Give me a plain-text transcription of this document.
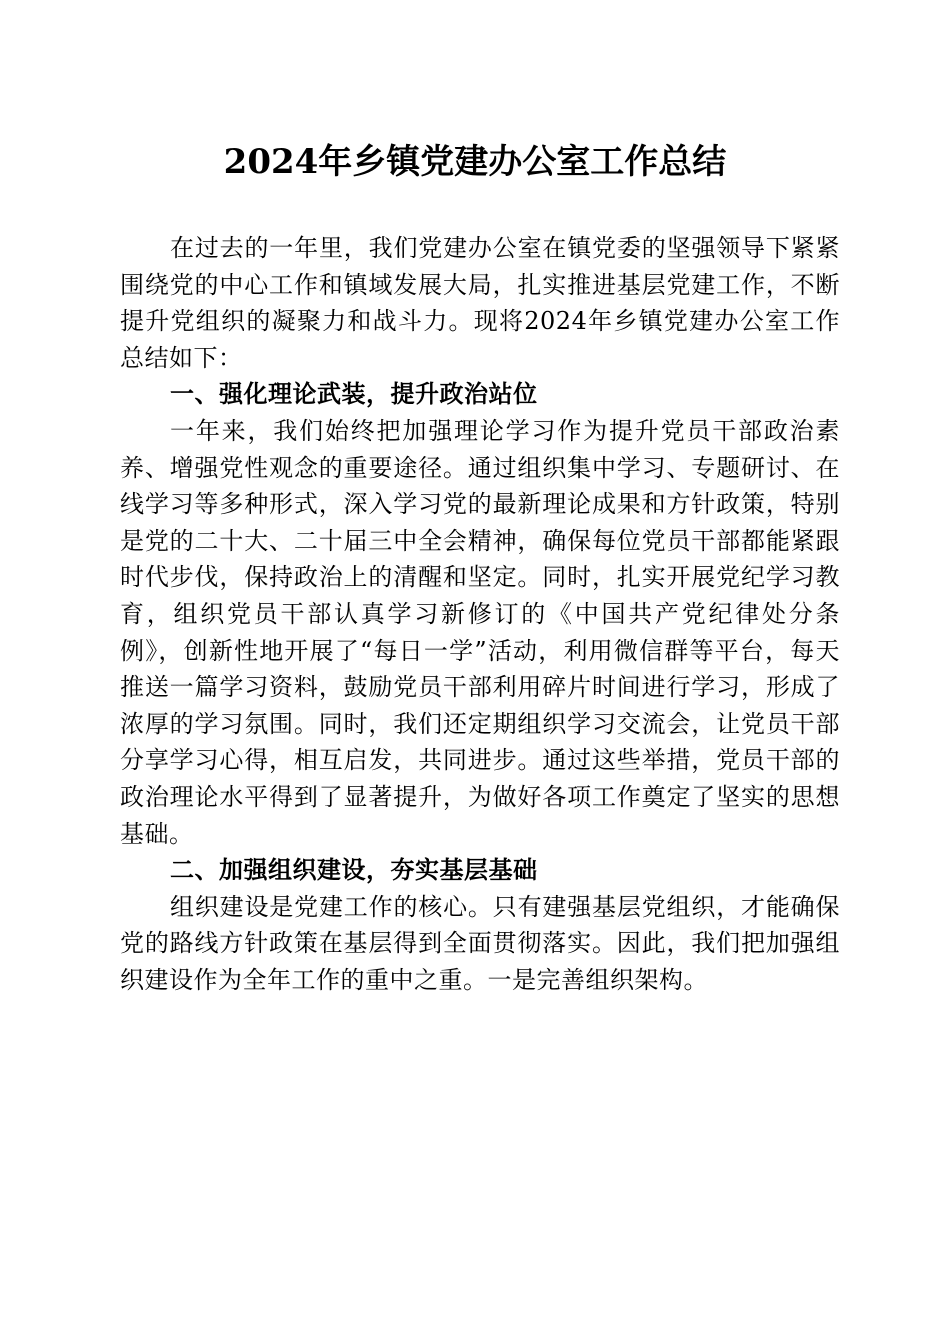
2024年乡镇党建办公室工作总结

在过去的一年里，我们党建办公室在镇党委的坚强领导下紧紧围绕党的中心工作和镇域发展大局，扎实推进基层党建工作，不断提升党组织的凝聚力和战斗力。现将2024年乡镇党建办公室工作总结如下：

一、强化理论武装，提升政治站位

一年来，我们始终把加强理论学习作为提升党员干部政治素养、增强党性观念的重要途径。通过组织集中学习、专题研讨、在线学习等多种形式，深入学习党的最新理论成果和方针政策，特别是党的二十大、二十届三中全会精神，确保每位党员干部都能紧跟时代步伐，保持政治上的清醒和坚定。同时，扎实开展党纪学习教育，组织党员干部认真学习新修订的《中国共产党纪律处分条例》，创新性地开展了“每日一学”活动，利用微信群等平台，每天推送一篇学习资料，鼓励党员干部利用碎片时间进行学习，形成了浓厚的学习氛围。同时，我们还定期组织学习交流会，让党员干部分享学习心得，相互启发，共同进步。通过这些举措，党员干部的政治理论水平得到了显著提升，为做好各项工作奠定了坚实的思想基础。

二、加强组织建设，夯实基层基础

组织建设是党建工作的核心。只有建强基层党组织，才能确保党的路线方针政策在基层得到全面贯彻落实。因此，我们把加强组织建设作为全年工作的重中之重。一是完善组织架构。
